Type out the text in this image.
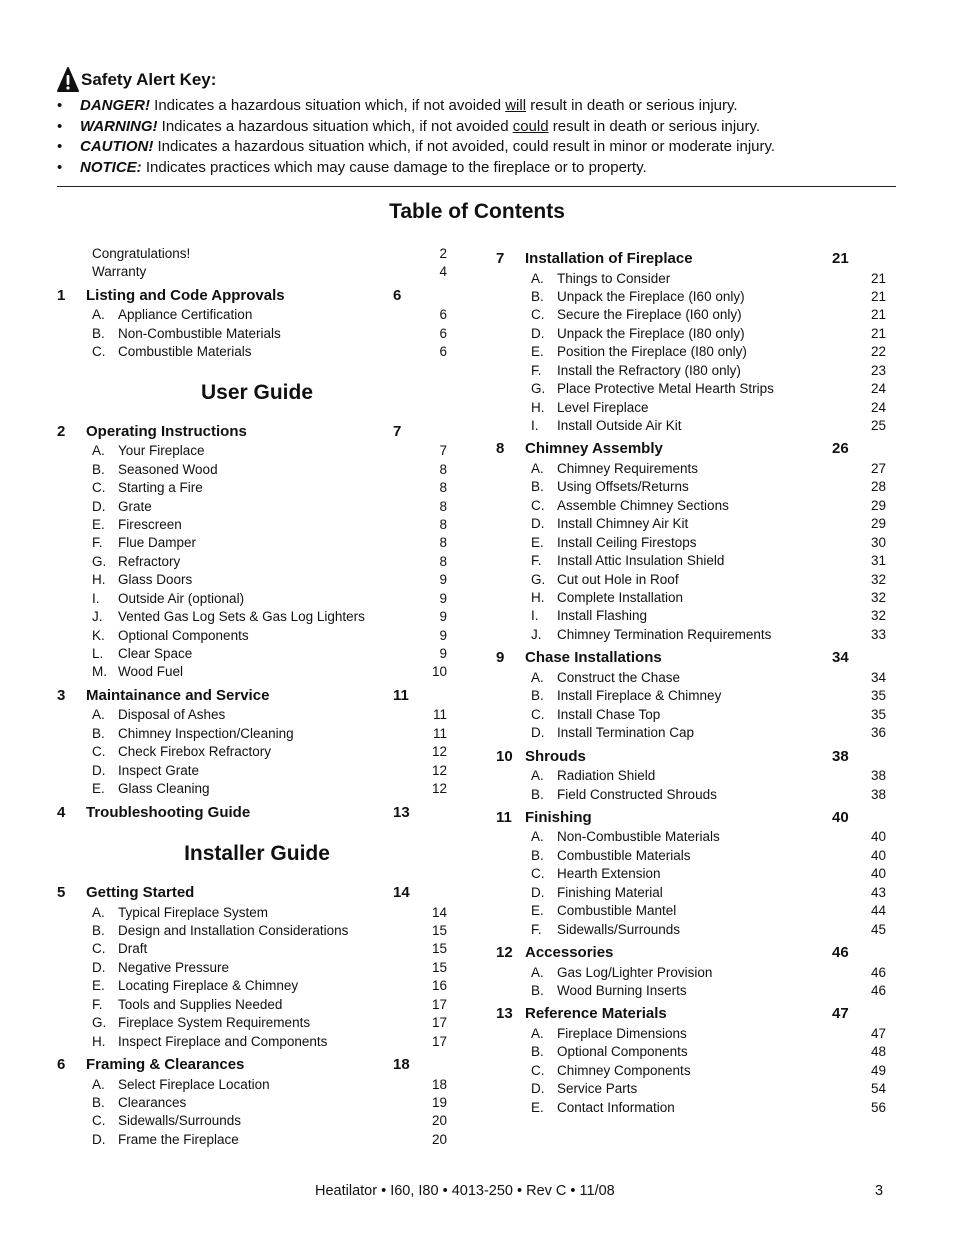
Safety Alert Key:
• DANGER! Indicates a hazardous situation which, if not avoided will result in death or serious injury.
• WARNING! Indicates a hazardous situation which, if not avoided could result in death or serious injury.
• CAUTION! Indicates a hazardous situation which, if not avoided, could result in minor or moderate injury.
• NOTICE: Indicates practices which may cause damage to the fireplace or to property.
Table of Contents
Congratulations!	2
Warranty	4
1 Listing and Code Approvals	6
A. Appliance Certification	6
B. Non-Combustible Materials	6
C. Combustible Materials	6
User Guide
2 Operating Instructions	7
A. Your Fireplace	7
B. Seasoned Wood	8
C. Starting a Fire	8
D. Grate	8
E. Firescreen	8
F. Flue Damper	8
G. Refractory	8
H. Glass Doors	9
I. Outside Air (optional)	9
J. Vented Gas Log Sets & Gas Log Lighters	9
K. Optional Components	9
L. Clear Space	9
M. Wood Fuel	10
3 Maintainance and Service	11
A. Disposal of Ashes	11
B. Chimney Inspection/Cleaning	11
C. Check Firebox Refractory	12
D. Inspect Grate	12
E. Glass Cleaning	12
4 Troubleshooting Guide	13
Installer Guide
5 Getting Started	14
A. Typical Fireplace System	14
B. Design and Installation Considerations	15
C. Draft	15
D. Negative Pressure	15
E. Locating Fireplace & Chimney	16
F. Tools and Supplies Needed	17
G. Fireplace System Requirements	17
H. Inspect Fireplace and Components	17
6 Framing & Clearances	18
A. Select Fireplace Location	18
B. Clearances	19
C. Sidewalls/Surrounds	20
D. Frame the Fireplace	20
7 Installation of Fireplace	21
A. Things to Consider	21
B. Unpack the Fireplace (I60 only)	21
C. Secure the Fireplace (I60 only)	21
D. Unpack the Fireplace (I80 only)	21
E. Position the Fireplace (I80 only)	22
F. Install the Refractory (I80 only)	23
G. Place Protective Metal Hearth Strips	24
H. Level Fireplace	24
I. Install Outside Air Kit	25
8 Chimney Assembly	26
A. Chimney Requirements	27
B. Using Offsets/Returns	28
C. Assemble Chimney Sections	29
D. Install Chimney Air Kit	29
E. Install Ceiling Firestops	30
F. Install Attic Insulation Shield	31
G. Cut out Hole in Roof	32
H. Complete Installation	32
I. Install Flashing	32
J. Chimney Termination Requirements	33
9 Chase Installations	34
A. Construct the Chase	34
B. Install Fireplace & Chimney	35
C. Install Chase Top	35
D. Install Termination Cap	36
10 Shrouds	38
A. Radiation Shield	38
B. Field Constructed Shrouds	38
11 Finishing	40
A. Non-Combustible Materials	40
B. Combustible Materials	40
C. Hearth Extension	40
D. Finishing Material	43
E. Combustible Mantel	44
F. Sidewalls/Surrounds	45
12 Accessories	46
A. Gas Log/Lighter Provision	46
B. Wood Burning Inserts	46
13 Reference Materials	47
A. Fireplace Dimensions	47
B. Optional Components	48
C. Chimney Components	49
D. Service Parts	54
E. Contact Information	56
Heatilator • I60, I80 • 4013-250 • Rev C • 11/08	3
